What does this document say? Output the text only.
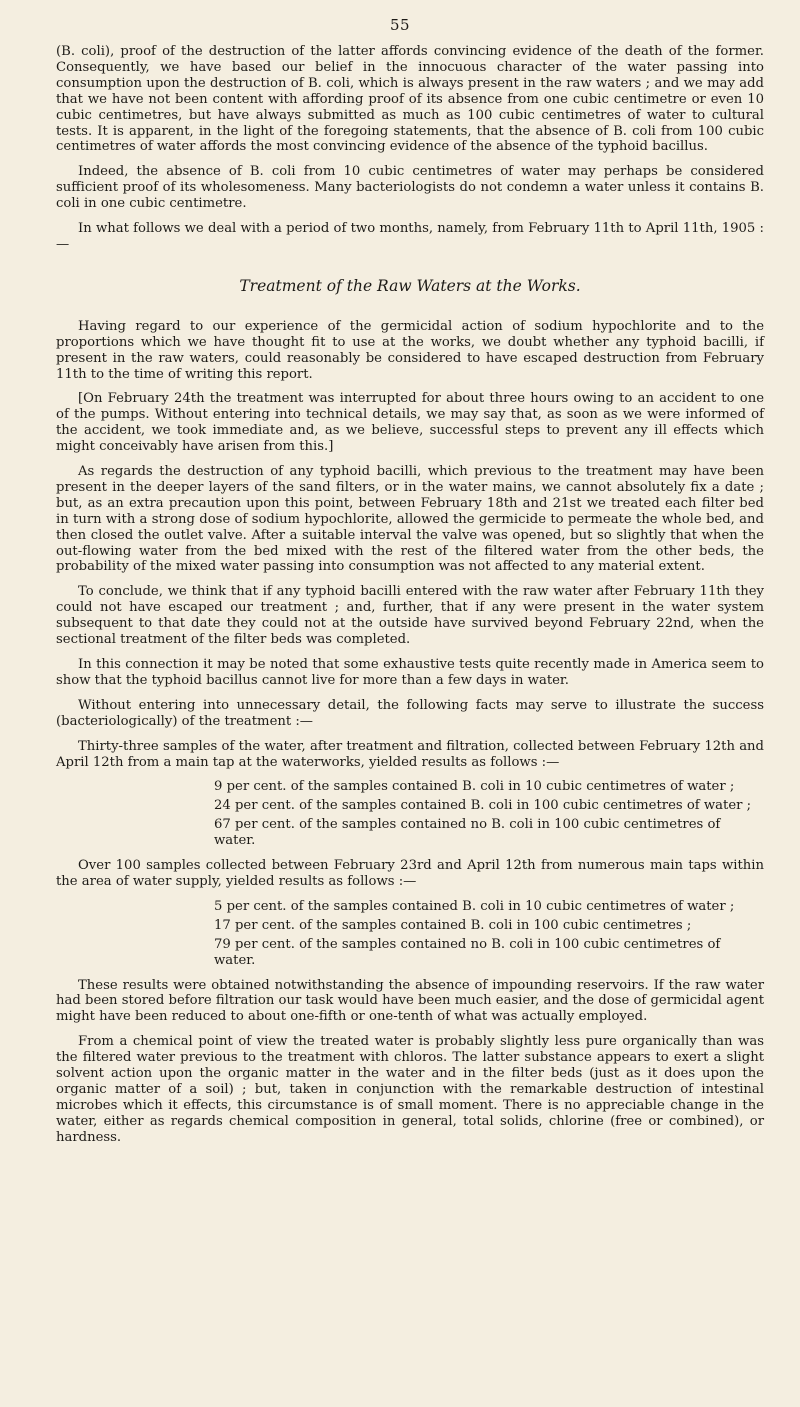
55

(B. coli), proof of the destruction of the latter affords convincing evidence of the death of the former. Consequently, we have based our belief in the innocuous character of the water passing into consumption upon the destruction of B. coli, which is always present in the raw waters ; and we may add that we have not been content with affording proof of its absence from one cubic centimetre or even 10 cubic centimetres, but have always submitted as much as 100 cubic centimetres of water to cultural tests. It is apparent, in the light of the foregoing statements, that the absence of B. coli from 100 cubic centimetres of water affords the most convincing evidence of the absence of the typhoid bacillus.

Indeed, the absence of B. coli from 10 cubic centimetres of water may perhaps be considered sufficient proof of its wholesomeness. Many bacteriologists do not condemn a water unless it contains B. coli in one cubic centimetre.

In what follows we deal with a period of two months, namely, from February 11th to April 11th, 1905 :—

Treatment of the Raw Waters at the Works.

Having regard to our experience of the germicidal action of sodium hypochlorite and to the proportions which we have thought fit to use at the works, we doubt whether any typhoid bacilli, if present in the raw waters, could reasonably be considered to have escaped destruction from February 11th to the time of writing this report.

[On February 24th the treatment was interrupted for about three hours owing to an accident to one of the pumps. Without entering into technical details, we may say that, as soon as we were informed of the accident, we took immediate and, as we believe, successful steps to prevent any ill effects which might conceivably have arisen from this.]

As regards the destruction of any typhoid bacilli, which previous to the treatment may have been present in the deeper layers of the sand filters, or in the water mains, we cannot absolutely fix a date ; but, as an extra precaution upon this point, between February 18th and 21st we treated each filter bed in turn with a strong dose of sodium hypochlorite, allowed the germicide to permeate the whole bed, and then closed the outlet valve. After a suitable interval the valve was opened, but so slightly that when the out-flowing water from the bed mixed with the rest of the filtered water from the other beds, the probability of the mixed water passing into consumption was not affected to any material extent.

To conclude, we think that if any typhoid bacilli entered with the raw water after February 11th they could not have escaped our treatment ; and, further, that if any were present in the water system subsequent to that date they could not at the outside have survived beyond February 22nd, when the sectional treatment of the filter beds was completed.

In this connection it may be noted that some exhaustive tests quite recently made in America seem to show that the typhoid bacillus cannot live for more than a few days in water.

Without entering into unnecessary detail, the following facts may serve to illustrate the success (bacteriologically) of the treatment :—

Thirty-three samples of the water, after treatment and filtration, collected between February 12th and April 12th from a main tap at the waterworks, yielded results as follows :—

9 per cent. of the samples contained B. coli in 10 cubic centimetres of water ;
24 per cent. of the samples contained B. coli in 100 cubic centimetres of water ;
67 per cent. of the samples contained no B. coli in 100 cubic centimetres of water.

Over 100 samples collected between February 23rd and April 12th from numerous main taps within the area of water supply, yielded results as follows :—

5 per cent. of the samples contained B. coli in 10 cubic centimetres of water ;
17 per cent. of the samples contained B. coli in 100 cubic centimetres ;
79 per cent. of the samples contained no B. coli in 100 cubic centimetres of water.

These results were obtained notwithstanding the absence of impounding reservoirs. If the raw water had been stored before filtration our task would have been much easier, and the dose of germicidal agent might have been reduced to about one-fifth or one-tenth of what was actually employed.

From a chemical point of view the treated water is probably slightly less pure organically than was the filtered water previous to the treatment with chloros. The latter substance appears to exert a slight solvent action upon the organic matter in the water and in the filter beds (just as it does upon the organic matter of a soil) ; but, taken in conjunction with the remarkable destruction of intestinal microbes which it effects, this circumstance is of small moment. There is no appreciable change in the water, either as regards chemical composition in general, total solids, chlorine (free or combined), or hardness.
